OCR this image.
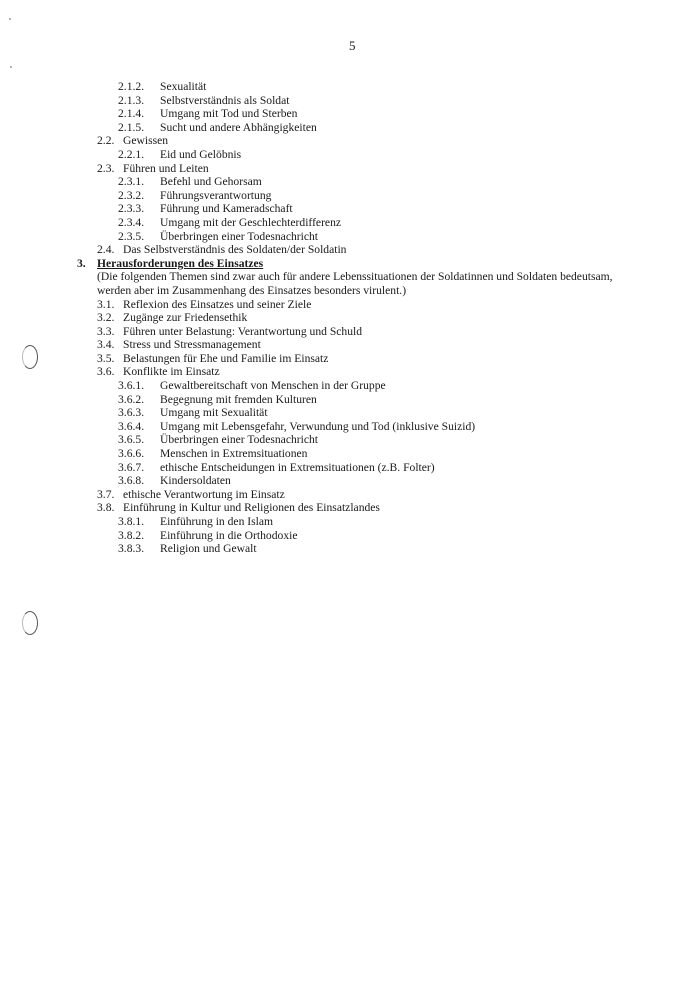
5
2.1.2. Sexualität
2.1.3. Selbstverständnis als Soldat
2.1.4. Umgang mit Tod und Sterben
2.1.5. Sucht und andere Abhängigkeiten
2.2. Gewissen
2.2.1. Eid und Gelöbnis
2.3. Führen und Leiten
2.3.1. Befehl und Gehorsam
2.3.2. Führungsverantwortung
2.3.3. Führung und Kameradschaft
2.3.4. Umgang mit der Geschlechterdifferenz
2.3.5. Überbringen einer Todesnachricht
2.4. Das Selbstverständnis des Soldaten/der Soldatin
3. Herausforderungen des Einsatzes
(Die folgenden Themen sind zwar auch für andere Lebenssituationen der Soldatinnen und Soldaten bedeutsam,
werden aber im Zusammenhang des Einsatzes besonders virulent.)
3.1. Reflexion des Einsatzes und seiner Ziele
3.2. Zugänge zur Friedensethik
3.3. Führen unter Belastung: Verantwortung und Schuld
3.4. Stress und Stressmanagement
3.5. Belastungen für Ehe und Familie im Einsatz
3.6. Konflikte im Einsatz
3.6.1. Gewaltbereitschaft von Menschen in der Gruppe
3.6.2. Begegnung mit fremden Kulturen
3.6.3. Umgang mit Sexualität
3.6.4. Umgang mit Lebensgefahr, Verwundung und Tod (inklusive Suizid)
3.6.5. Überbringen einer Todesnachricht
3.6.6. Menschen in Extremsituationen
3.6.7. ethische Entscheidungen in Extremsituationen (z.B. Folter)
3.6.8. Kindersoldaten
3.7. ethische Verantwortung im Einsatz
3.8. Einführung in Kultur und Religionen des Einsatzlandes
3.8.1. Einführung in den Islam
3.8.2. Einführung in die Orthodoxie
3.8.3. Religion und Gewalt
